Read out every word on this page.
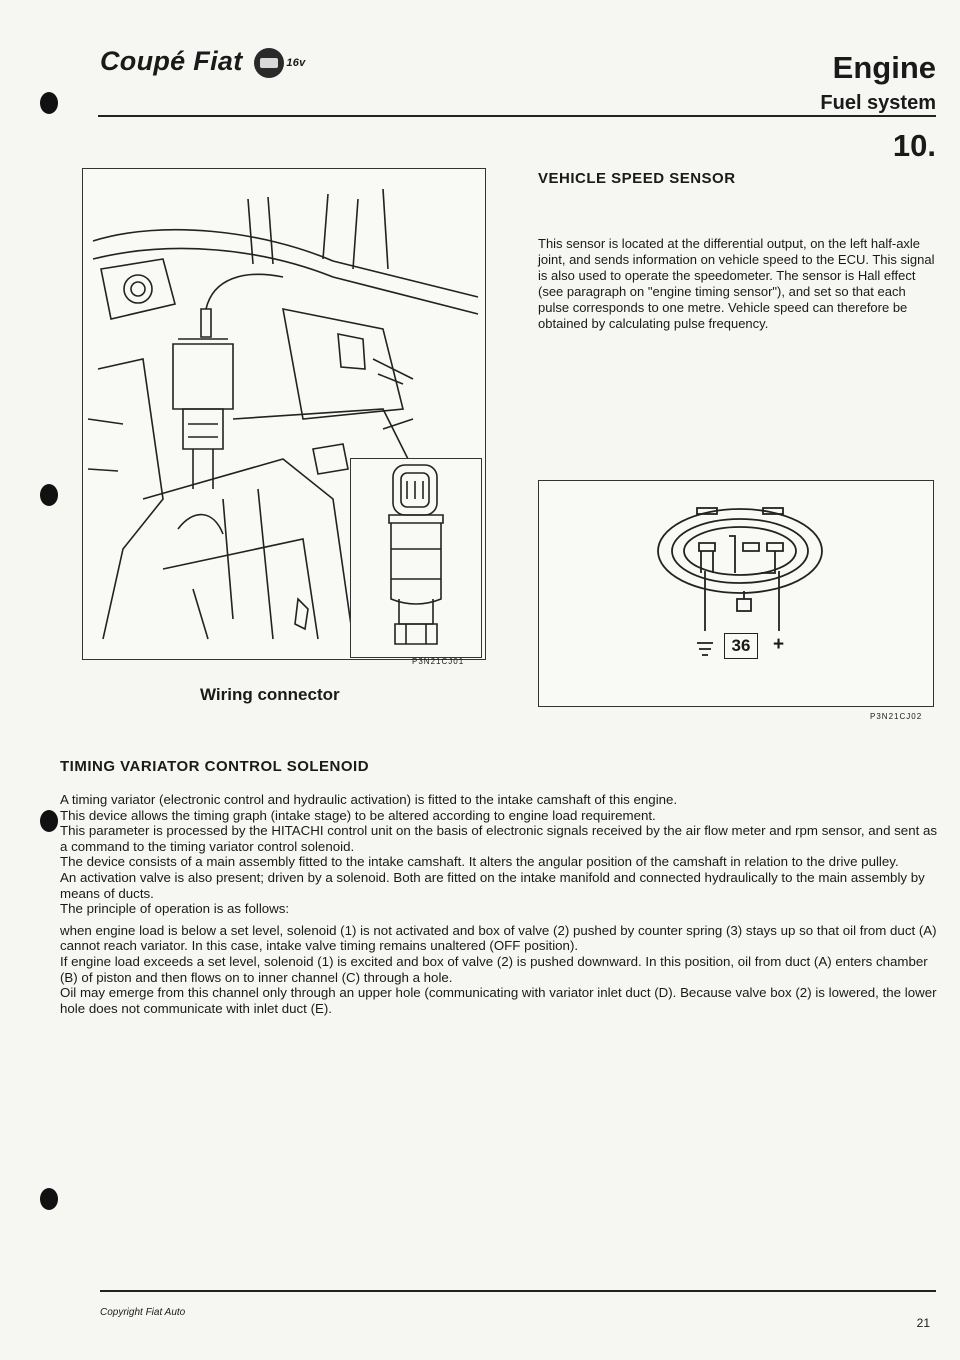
Coupé Fiat	16v	Engine
Fuel system
10.
P3N21CJ01
Wiring connector
VEHICLE SPEED SENSOR
This sensor is located at the differential output, on the left half-axle joint, and sends information on vehicle speed to the ECU. This signal is also used to operate the speedometer. The sensor is Hall effect (see paragraph on "engine timing sensor"), and set so that each pulse corresponds to one metre. Vehicle speed can therefore be obtained by calculating pulse frequency.
36	+
P3N21CJ02
TIMING VARIATOR CONTROL SOLENOID

A timing variator (electronic control and hydraulic activation) is fitted to the intake camshaft of this engine.

This device allows the timing graph (intake stage) to be altered according to engine load requirement.

This parameter is processed by the HITACHI control unit on the basis of electronic signals received by the air flow meter and rpm sensor, and sent as a command to the timing variator control solenoid.

The device consists of a main assembly fitted to the intake camshaft. It alters the angular position of the camshaft in relation to the drive pulley.

An activation valve is also present; driven by a solenoid. Both are fitted on the intake manifold and connected hydraulically to the main assembly by means of ducts.

The principle of operation is as follows:

when engine load is below a set level, solenoid (1) is not activated and box of valve (2) pushed by counter spring (3) stays up so that oil from duct (A) cannot reach variator. In this case, intake valve timing remains unaltered (OFF position).

If engine load exceeds a set level, solenoid (1) is excited and box of valve (2) is pushed downward. In this position, oil from duct (A) enters chamber (B) of piston and then flows on to inner channel (C) through a hole.

Oil may emerge from this channel only through an upper hole (communicating with variator inlet duct (D). Because valve box (2) is lowered, the lower hole does not communicate with inlet duct (E).

Copyright Fiat Auto
21
